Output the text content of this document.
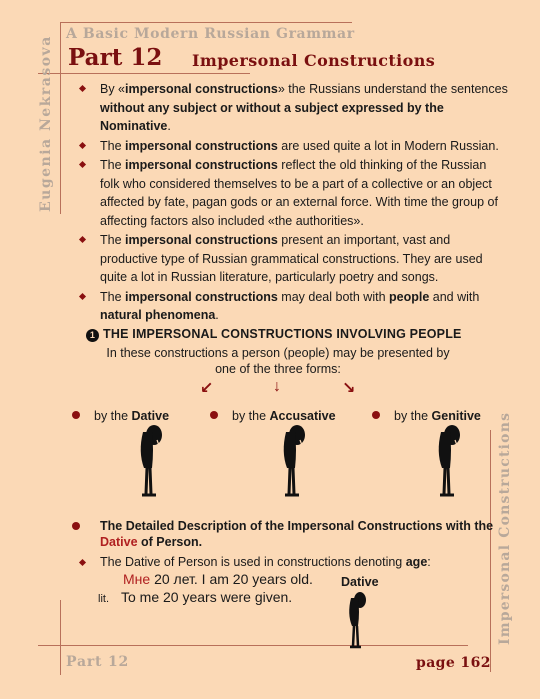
A Basic Modern Russian Grammar
Part 12 Impersonal Constructions
Eugenia Nekrasova
Impersonal Constructions
By «impersonal constructions» the Russians understand the sentences without any subject or without a subject expressed by the Nominative.
The impersonal constructions are used quite a lot in Modern Russian.
The impersonal constructions reflect the old thinking of the Russian folk who considered themselves to be a part of a collective or an object affected by fate, pagan gods or an external force. With time the group of affecting factors also included «the authorities».
The impersonal constructions present an important, vast and productive type of Russian grammatical constructions. They are used quite a lot in Russian literature, particularly poetry and songs.
The impersonal constructions may deal both with people and with natural phenomena.
1 THE IMPERSONAL CONSTRUCTIONS INVOLVING PEOPLE
In these constructions a person (people) may be presented by one of the three forms:
↙	↓	↘
by the Dative	by the Accusative	by the Genitive
The Detailed Description of the Impersonal Constructions with the Dative of Person.
The Dative of Person is used in constructions denoting age:
Мне 20 лет. I am 20 years old.
lit. To me 20 years were given.
Dative
Part 12	page 162
